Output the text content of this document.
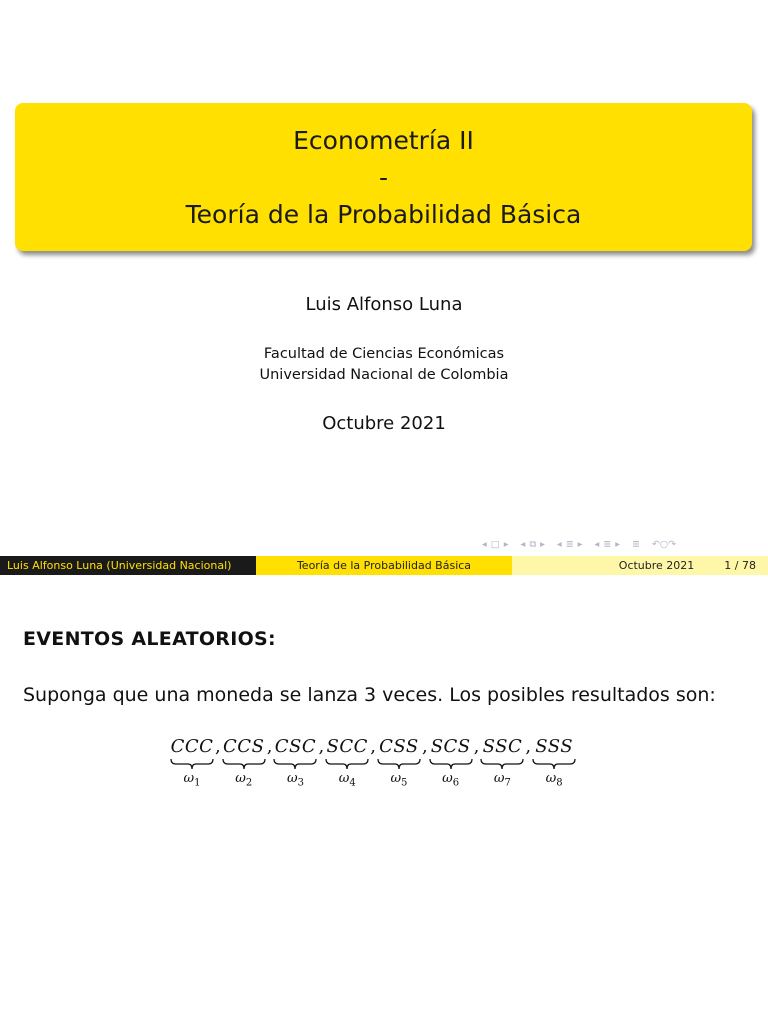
Econometría II
-
Teoría de la Probabilidad Básica
Luis Alfonso Luna
Facultad de Ciencias Económicas
Universidad Nacional de Colombia
Octubre 2021
◂ □ ▸ ◂ ⧉ ▸ ◂ ≣ ▸ ◂ ≣ ▸ ≣ ↶○↷
Luis Alfonso Luna (Universidad Nacional)	Teoría de la Probabilidad Básica	Octubre 2021	1 / 78
EVENTOS ALEATORIOS:
Suponga que una moneda se lanza 3 veces. Los posibles resultados son:
CCC
$\omega_1$
, CCS
$\omega_2$
, CSC
$\omega_3$
, SCC
$\omega_4$
, CSS
$\omega_5$
, SCS
$\omega_6$
, SSC
$\omega_7$
, SSS
$\omega_8$
